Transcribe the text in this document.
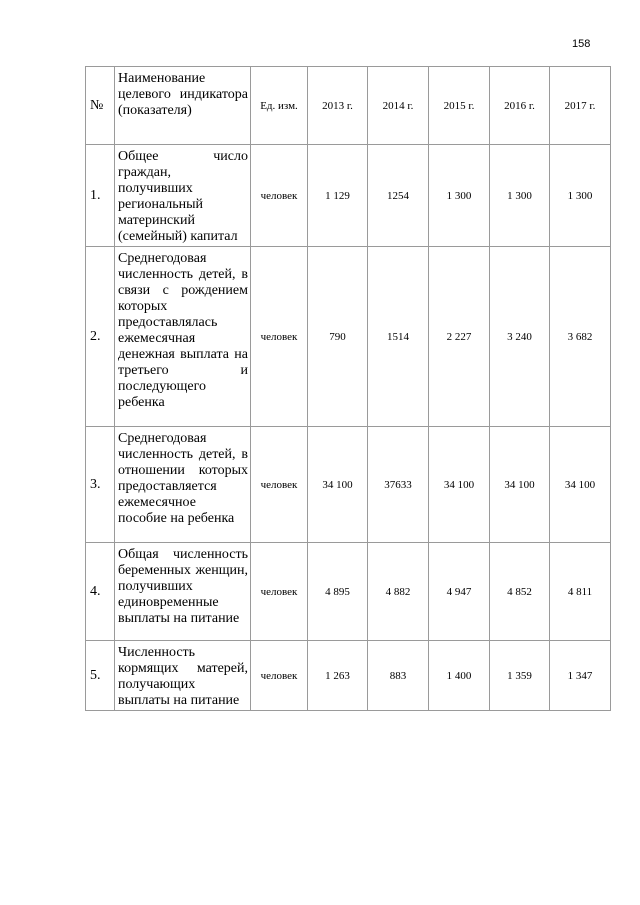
158
№	Наименование целевого индикатора (показателя)	Ед. изм.	2013 г.	2014 г.	2015 г.	2016 г.	2017 г.
1.	Общее число граждан, получивших региональный материнский (семейный) капитал	человек	1 129	1254	1 300	1 300	1 300
2.	Среднегодовая численность детей, в связи с рождением которых предоставлялась ежемесячная денежная выплата на третьего и последующего ребенка	человек	790	1514	2 227	3 240	3 682
3.	Среднегодовая численность детей, в отношении которых предоставляется ежемесячное пособие на ребенка	человек	34 100	37633	34 100	34 100	34 100
4.	Общая численность беременных женщин, получивших единовременные выплаты на питание	человек	4 895	4 882	4 947	4 852	4 811
5.	Численность кормящих матерей, получающих выплаты на питание	человек	1 263	883	1 400	1 359	1 347
